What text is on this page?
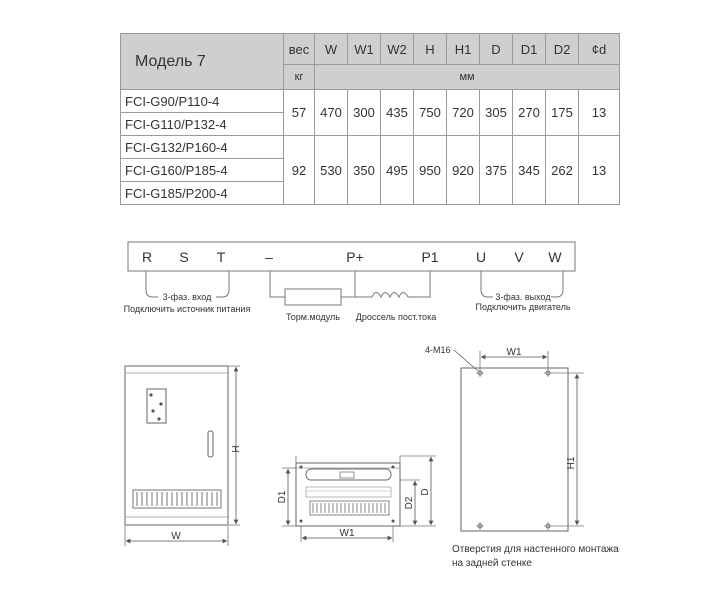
Модель 7	вес	W	W1	W2	H	H1	D	D1	D2	¢d
	кг	мм								
FCI-G90/P110-4	57	470	300	435	750	720	305	270	175	13
FCI-G110/P132-4										
FCI-G132/P160-4	92	530	350	495	950	920	375	345	262	13
FCI-G160/P185-4										
FCI-G185/P200-4										
R S T	–	P+	P1	U V W
3-фаз. вход
Подключить источник питания
Торм.модуль Дроссель пост.тока
3-фаз. выход
Подключить двигатель
H
W
D1	D2
D
W1
4-M16	W1
H1
Отверстия для настенного монтажа
на задней стенке
